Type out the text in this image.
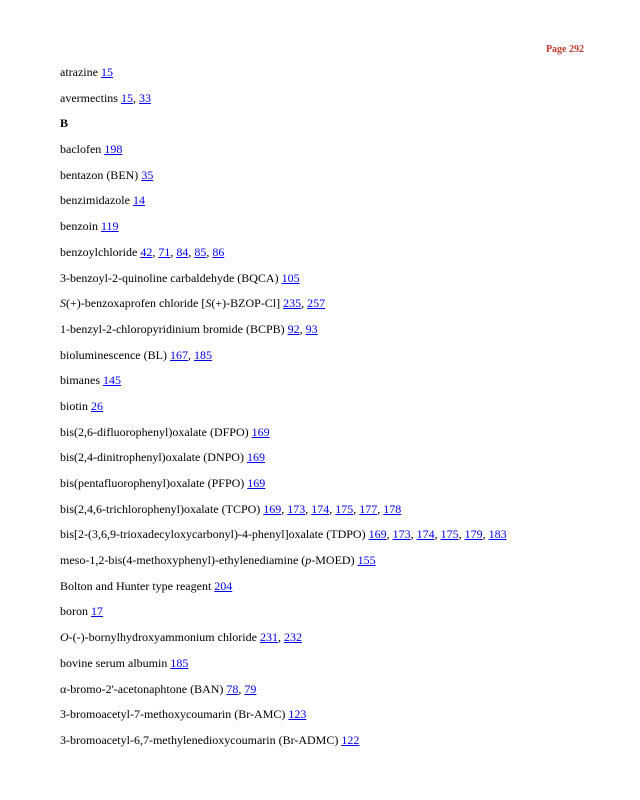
Page 292
atrazine 15
avermectins 15, 33
B
baclofen 198
bentazon (BEN) 35
benzimidazole 14
benzoin 119
benzoylchloride 42, 71, 84, 85, 86
3-benzoyl-2-quinoline carbaldehyde (BQCA) 105
S(+)-benzoxaprofen chloride [S(+)-BZOP-Cl] 235, 257
1-benzyl-2-chloropyridinium bromide (BCPB) 92, 93
bioluminescence (BL) 167, 185
bimanes 145
biotin 26
bis(2,6-difluorophenyl)oxalate (DFPO) 169
bis(2,4-dinitrophenyl)oxalate (DNPO) 169
bis(pentafluorophenyl)oxalate (PFPO) 169
bis(2,4,6-trichlorophenyl)oxalate (TCPO) 169, 173, 174, 175, 177, 178
bis[2-(3,6,9-trioxadecyloxycarbonyl)-4-phenyl]oxalate (TDPO) 169, 173, 174, 175, 179, 183
meso-1,2-bis(4-methoxyphenyl)-ethylenediamine (p-MOED) 155
Bolton and Hunter type reagent 204
boron 17
O-(-)-bornylhydroxyammonium chloride 231, 232
bovine serum albumin 185
α-bromo-2'-acetonaphtone (BAN) 78, 79
3-bromoacetyl-7-methoxycoumarin (Br-AMC) 123
3-bromoacetyl-6,7-methylenedioxycoumarin (Br-ADMC) 122
